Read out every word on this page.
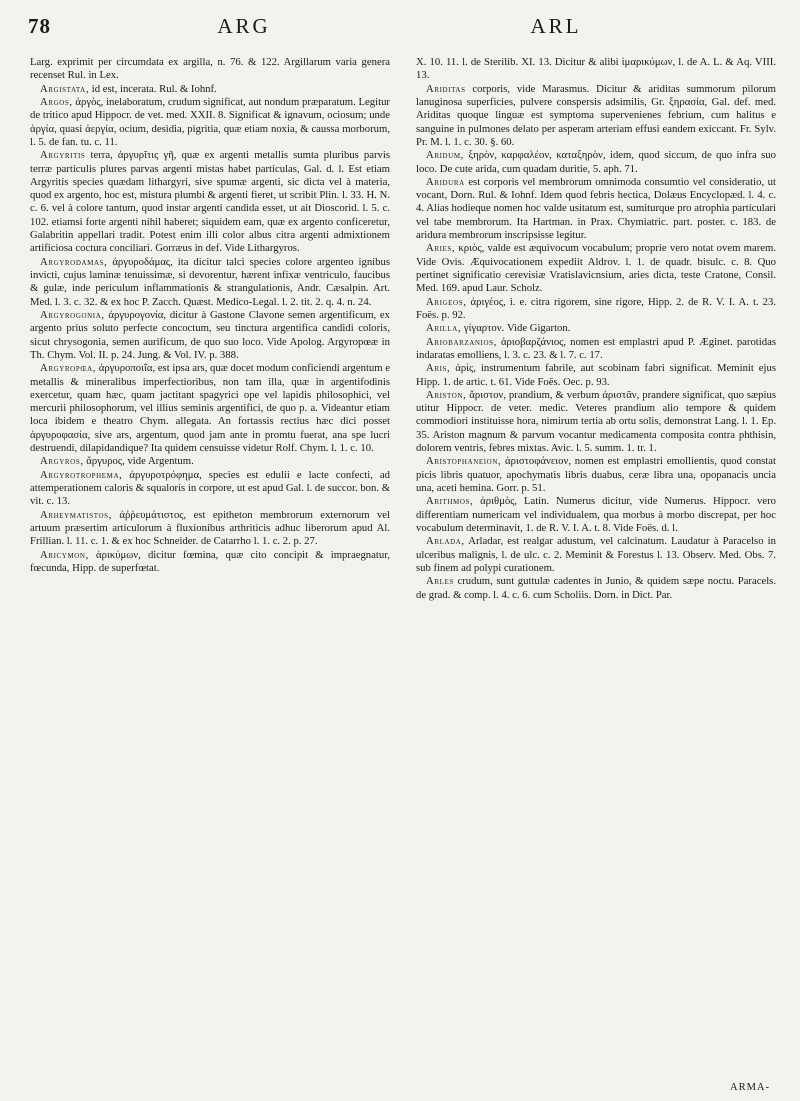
78	ARG	ARL

Larg. exprimit per circumdata ex argilla, n. 76. & 122. Argillarum varia genera recenset Rul. in Lex.

Argistata, id est, incerata. Rul. & Iohnf.

Argos, ἀργὸς, inelaboratum, crudum significat, aut nondum præparatum. Legitur de tritico apud Hippocr. de vet. med. XXII. 8. Significat & ignavum, ociosum; unde ἀργία, quasi ἀεργία, ocium, desidia, pigritia, quæ etiam noxia, & caussa morborum, l. 5. de fan. tu. c. 11.

Argyritis terra, ἀργυρῖτις γῆ, quæ ex argenti metallis sumta pluribus parvis terræ particulis plures parvas argenti mistas habet particulas, Gal. d. l. Est etiam Argyritis species quædam lithargyri, sive spumæ argenti, sic dicta vel à materia, quod ex argento, hoc est, mistura plumbi & argenti fieret, ut scribit Plin. l. 33. H. N. c. 6. vel à colore tantum, quod instar argenti candida esset, ut ait Dioscorid. l. 5. c. 102. etiamsi forte argenti nihil haberet; siquidem eam, quæ ex argento conficeretur, Galabritin appellari tradit. Potest enim illi color albus citra argenti admixtionem artificiosa coctura conciliari. Gorræus in def. Vide Lithargyros.

Argyrodamas, ἀργυροδάμας, ita dicitur talci species colore argenteo ignibus invicti, cujus laminæ tenuissimæ, si devorentur, hærent infixæ ventriculo, faucibus & gulæ, inde periculum inflammationis & strangulationis, Andr. Cæsalpin. Art. Med. l. 3. c. 32. & ex hoc P. Zacch. Quæst. Medico-Legal. l. 2. tit. 2. q. 4. n. 24.

Argyrogonia, ἀργυρογονία, dicitur à Gastone Clavone semen argentificum, ex argento prius soluto perfecte concoctum, seu tinctura argentifica candidi coloris, sicut chrysogonia, semen aurificum, de quo suo loco. Vide Apolog. Argyropœæ in Th. Chym. Vol. II. p. 24. Jung. & Vol. IV. p. 388.

Argyropœa, ἀργυροποιΐα, est ipsa ars, quæ docet modum conficiendi argentum e metallis & mineralibus imperfectioribus, non tam illa, quæ in argentifodinis exercetur, quam hæc, quam jactitant spagyrici ope vel lapidis philosophici, vel mercurii philosophorum, vel illius seminis argentifici, de quo p. a. Videantur etiam loca ibidem e theatro Chym. allegata. An fortassis rectius hæc dici posset ἀργυροφασία, sive ars, argentum, quod jam ante in promtu fuerat, ana spe lucri destruendi, dilapidandique? Ita quidem censuisse videtur Rolf. Chym. l. 1. c. 10.

Argyros, ἄργυρος, vide Argentum.

Argyrotrophema, ἀργυροτρόφημα, species est edulii e lacte confecti, ad attemperationem caloris & squaloris in corpore, ut est apud Gal. l. de succor. bon. & vit. c. 13.

Arheymatistos, ἀῤῥευμάτιστος, est epitheton membrorum externorum vel artuum præsertim articulorum à fluxionibus arthriticis adhuc liberorum apud Al. Frillian. l. 11. c. 1. & ex hoc Schneider. de Catarrho l. 1. c. 2. p. 27.

Aricymon, ἀρικύμων, dicitur fœmina, quæ cito concipit & impraegnatur, fœcunda, Hipp. de superfœtat.

X. 10. 11. l. de Sterilib. XI. 13. Dicitur & alibi ἱμαρικύμων, l. de A. L. & Aq. VIII. 13.

Ariditas corporis, vide Marasmus. Dicitur & ariditas summorum pilorum lanuginosa superficies, pulvere conspersis adsimilis, Gr. ξηρασία, Gal. def. med. Ariditas quoque linguæ est symptoma supervenienes febrium, cum halitus e sanguine in pulmones delato per asperam arteriam effusi eandem exiccant. Fr. Sylv. Pr. M. l. 1. c. 30. §. 60.

Aridum, ξηρὸν, καρφαλέον, καταξηρὸν, idem, quod siccum, de quo infra suo loco. De cute arida, cum quadam duritie, 5. aph. 71.

Aridura est corporis vel membrorum omnimoda consumtio vel consideratio, ut vocant, Dorn. Rul. & Iohnf. Idem quod febris hectica, Dolæus Encyclopæd. l. 4. c. 4. Alias hodieque nomen hoc valde usitatum est, sumiturque pro atrophia particulari vel tabe membrorum. Ita Hartman. in Prax. Chymiatric. part. poster. c. 183. de aridura membrorum inscripsisse legitur.

Aries, κριὸς, valde est æquivocum vocabulum; proprie vero notat ovem marem. Vide Ovis. Æquivocationem expediit Aldrov. l. 1. de quadr. bisulc. c. 8. Quo pertinet significatio cerevisiæ Vratislavicnsium, aries dicta, teste Cratone, Consil. Med. 169. apud Laur. Scholz.

Arigeos, ἀριγέος, i. e. citra rigorem, sine rigore, Hipp. 2. de R. V. I. A. t. 23. Foës. p. 92.

Arilla, γίγαρτον. Vide Gigarton.

Ariobarzanios, ἀριοβαρζάνιος, nomen est emplastri apud P. Æginet. parotidas indaratas emolliens, l. 3. c. 23. & l. 7. c. 17.

Aris, ἀρὶς, instrumentum fabrile, aut scobinam fabri significat. Meminit ejus Hipp. 1. de artic. t. 61. Vide Foës. Oec. p. 93.

Ariston, ἄριστον, prandium, & verbum ἀριστᾶν, prandere significat, quo sæpius utitur Hippocr. de veter. medic. Veteres prandium alio tempore & quidem commodiori instituisse hora, nimirum tertia ab ortu solis, demonstrat Lang. l. 1. Ep. 35. Ariston magnum & parvum vocantur medicamenta composita contra phthisin, dolorem ventris, febres mixtas. Avic. l. 5. summ. 1. tr. 1.

Aristophaneion, ἀριστοφάνειον, nomen est emplastri emollientis, quod constat picis libris quatuor, apochymatis libris duabus, ceræ libra una, opopanacis uncia una, aceti hemina. Gorr. p. 51.

Arithmos, ἀριθμὸς, Latin. Numerus dicitur, vide Numerus. Hippocr. vero differentiam numericam vel individualem, qua morbus à morbo discrepat, per hoc vocabulum determinavit, 1. de R. V. I. A. t. 8. Vide Foës. d. l.

Arlada, Arladar, est realgar adustum, vel calcinatum. Laudatur à Paracelso in ulceribus malignis, l. de ulc. c. 2. Meminit & Forestus l. 13. Observ. Med. Obs. 7. sub finem ad polypi curationem.

Arles crudum, sunt guttulæ cadentes in Junio, & quidem sæpe noctu. Paracels. de grad. & comp. l. 4. c. 6. cum Scholiis. Dorn. in Dict. Par.

ARMA-
